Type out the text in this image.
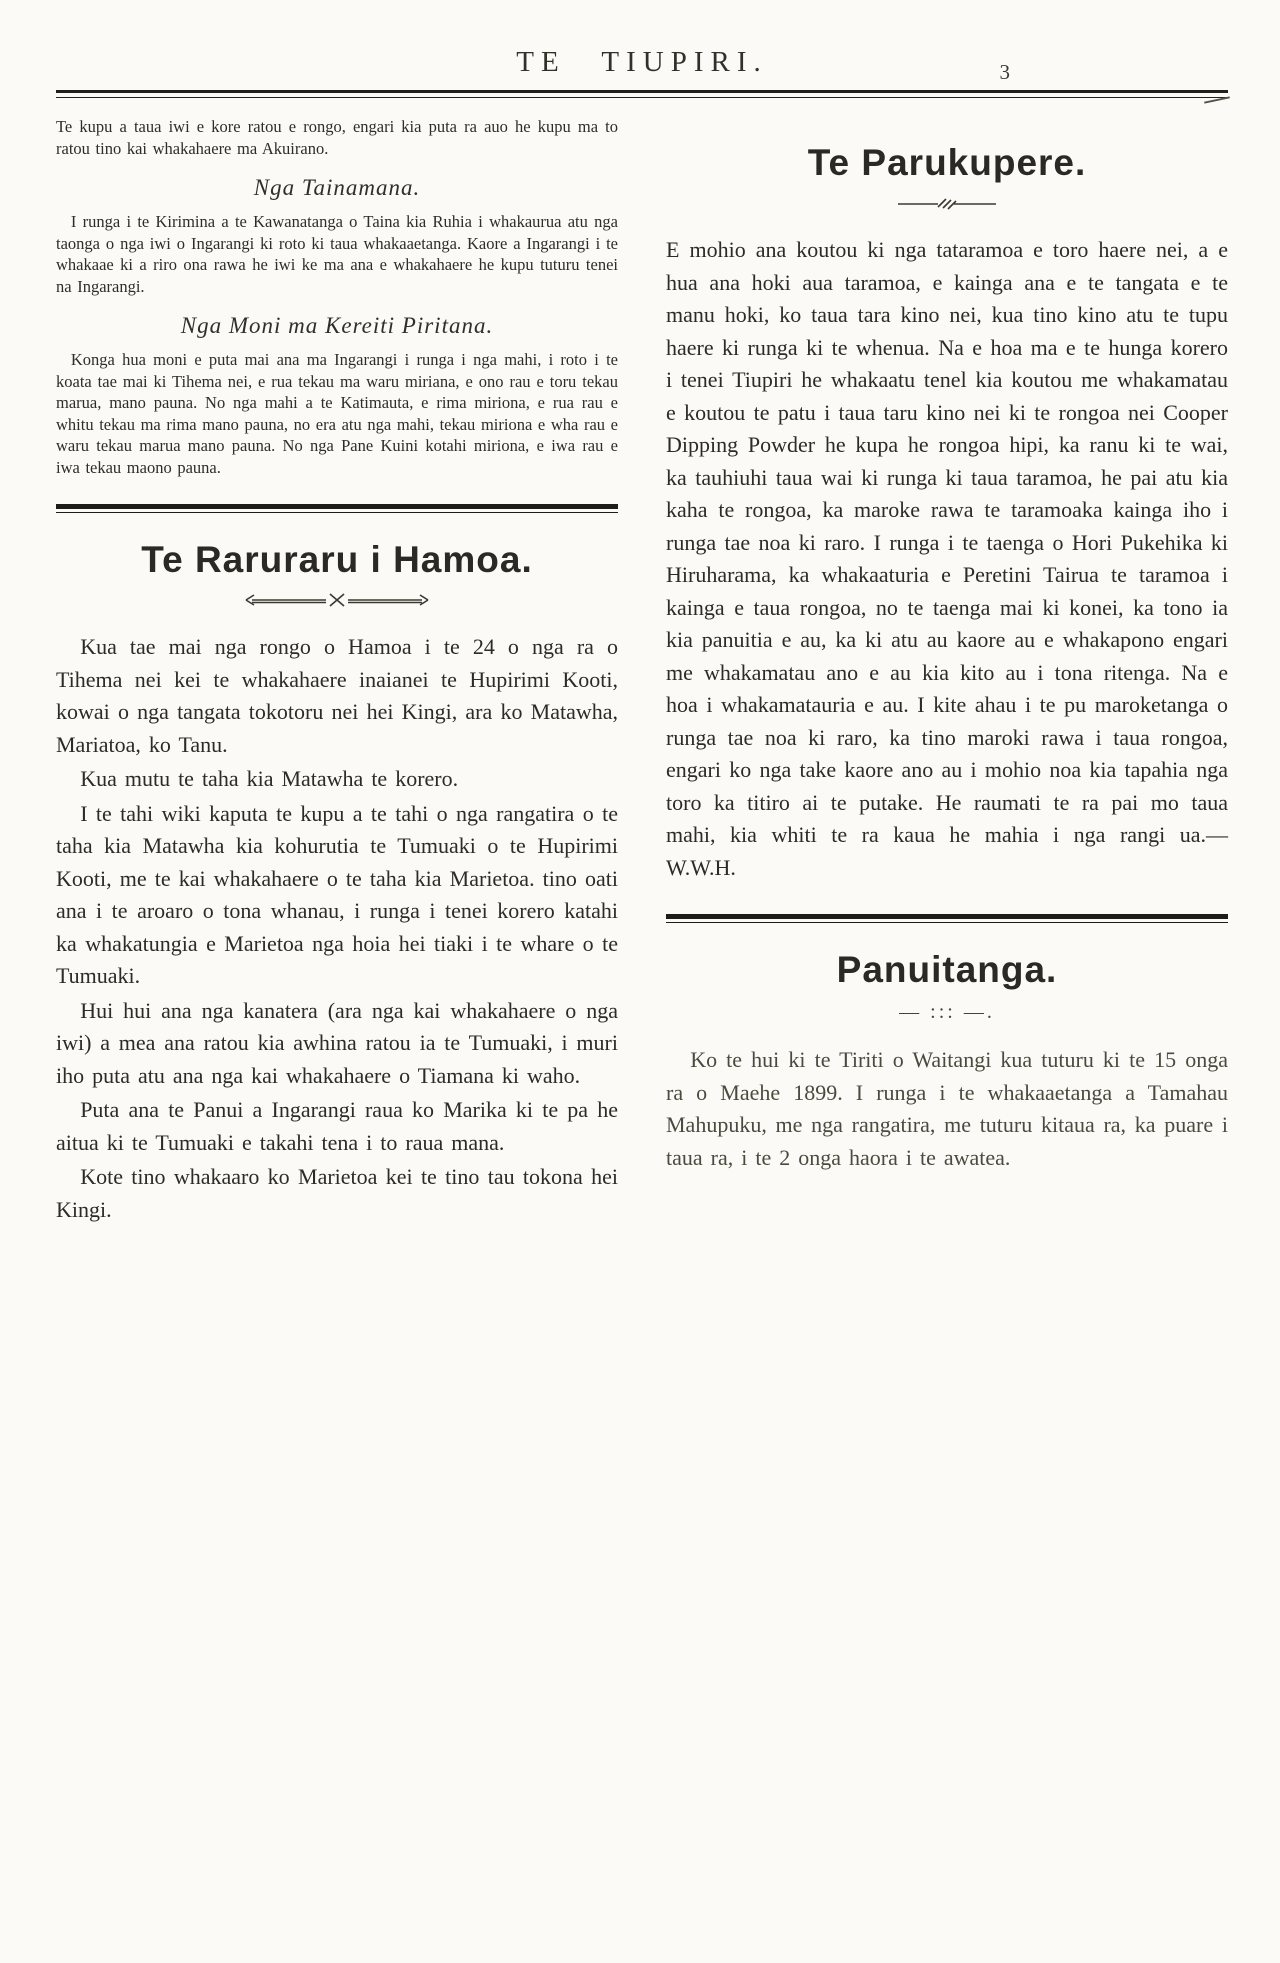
TE TIUPIRI.	3

Te kupu a taua iwi e kore ratou e rongo, engari kia puta ra auo he kupu ma to ratou tino kai whakahaere ma Akuirano.

Nga Tainamana.

I runga i te Kirimina a te Kawanatanga o Taina kia Ruhia i whakaurua atu nga taonga o nga iwi o Ingarangi ki roto ki taua whakaaetanga. Kaore a Ingarangi i te whakaae ki a riro ona rawa he iwi ke ma ana e whakahaere he kupu tuturu tenei na Ingarangi.

Nga Moni ma Kereiti Piritana.

Konga hua moni e puta mai ana ma Ingarangi i runga i nga mahi, i roto i te koata tae mai ki Tihema nei, e rua tekau ma waru miriana, e ono rau e toru tekau marua, mano pauna. No nga mahi a te Katimauta, e rima miriona, e rua rau e whitu tekau ma rima mano pauna, no era atu nga mahi, tekau miriona e wha rau e waru tekau marua mano pauna. No nga Pane Kuini kotahi miriona, e iwa rau e iwa tekau maono pauna.

Te Raruraru i Hamoa.

Kua tae mai nga rongo o Hamoa i te 24 o nga ra o Tihema nei kei te whakahaere inaianei te Hupirimi Kooti, kowai o nga tangata tokotoru nei hei Kingi, ara ko Matawha, Mariatoa, ko Tanu.

Kua mutu te taha kia Matawha te korero.

I te tahi wiki kaputa te kupu a te tahi o nga rangatira o te taha kia Matawha kia kohurutia te Tumuaki o te Hupirimi Kooti, me te kai whakahaere o te taha kia Marietoa. tino oati ana i te aroaro o tona whanau, i runga i tenei korero katahi ka whakatungia e Marietoa nga hoia hei tiaki i te whare o te Tumuaki.

Hui hui ana nga kanatera (ara nga kai whakahaere o nga iwi) a mea ana ratou kia awhina ratou ia te Tumuaki, i muri iho puta atu ana nga kai whakahaere o Tiamana ki waho.

Puta ana te Panui a Ingarangi raua ko Marika ki te pa he aitua ki te Tumuaki e takahi tena i to raua mana.

Kote tino whakaaro ko Marietoa kei te tino tau tokona hei Kingi.

Te Parukupere.

E mohio ana koutou ki nga tataramoa e toro haere nei, a e hua ana hoki aua taramoa, e kainga ana e te tangata e te manu hoki, ko taua tara kino nei, kua tino kino atu te tupu haere ki runga ki te whenua. Na e hoa ma e te hunga korero i tenei Tiupiri he whakaatu tenel kia koutou me whakamatau e koutou te patu i taua taru kino nei ki te rongoa nei Cooper Dipping Powder he kupa he rongoa hipi, ka ranu ki te wai, ka tauhiuhi taua wai ki runga ki taua taramoa, he pai atu kia kaha te rongoa, ka maroke rawa te taramoaka kainga iho i runga tae noa ki raro. I runga i te taenga o Hori Pukehika ki Hiruharama, ka whakaaturia e Peretini Tairua te taramoa i kainga e taua rongoa, no te taenga mai ki konei, ka tono ia kia panuitia e au, ka ki atu au kaore au e whakapono engari me whakamatau ano e au kia kito au i tona ritenga. Na e hoa i whakamatauria e au. I kite ahau i te pu maroketanga o runga tae noa ki raro, ka tino maroki rawa i taua rongoa, engari ko nga take kaore ano au i mohio noa kia tapahia nga toro ka titiro ai te putake. He raumati te ra pai mo taua mahi, kia whiti te ra kaua he mahia i nga rangi ua.— W.W.H.

Panuitanga.
— ::: —.

Ko te hui ki te Tiriti o Waitangi kua tuturu ki te 15 onga ra o Maehe 1899. I runga i te whakaaetanga a Tamahau Mahupuku, me nga rangatira, me tuturu kitaua ra, ka puare i taua ra, i te 2 onga haora i te awatea.
